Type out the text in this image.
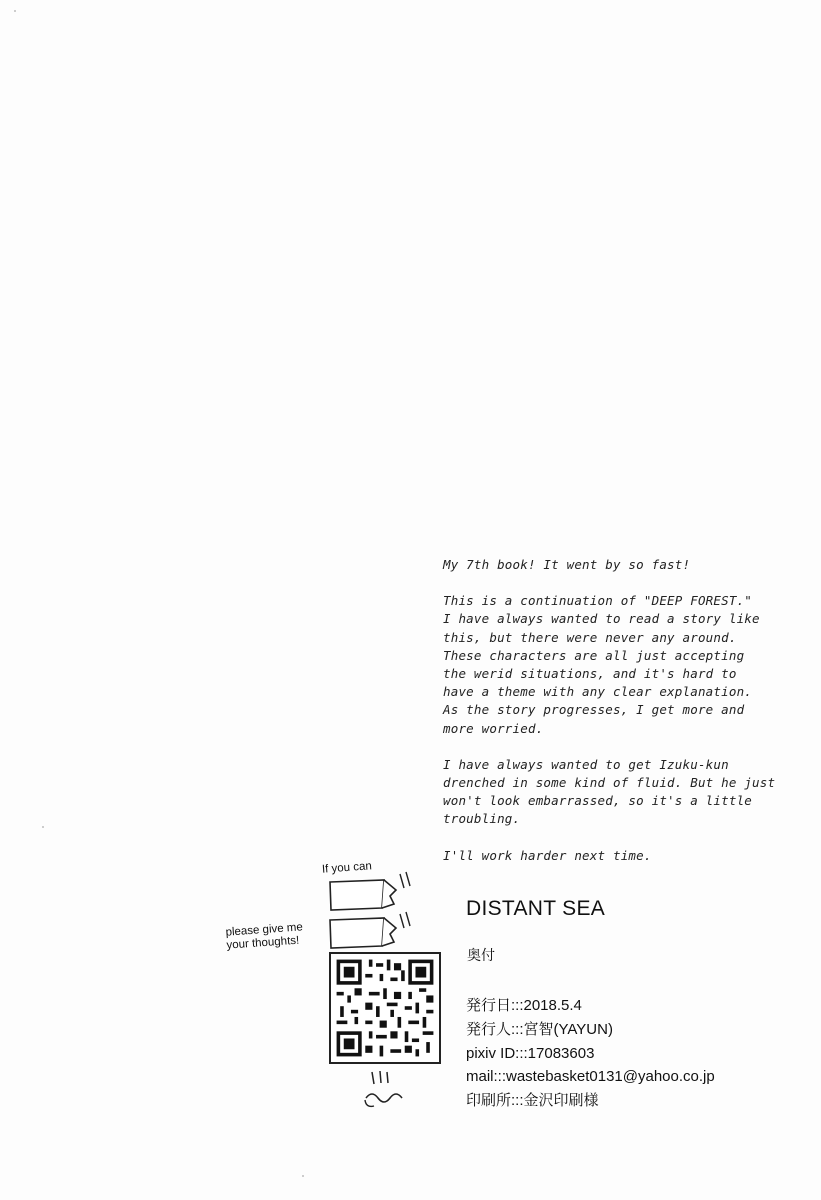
My 7th book! It went by so fast!

This is a continuation of "DEEP FOREST."
I have always wanted to read a story like
this, but there were never any around.
These characters are all just accepting
the werid situations, and it's hard to
have a theme with any clear explanation.
As the story progresses, I get more and
more worried.

I have always wanted to get Izuku-kun
drenched in some kind of fluid. But he just
won't look embarrassed, so it's a little
troubling.

I'll work harder next time.

If you can
please give me
your thoughts!
DISTANT SEA
奥付
発行日:::2018.5.4
発行人:::宮智(YAYUN)
pixiv ID:::17083603
mail:::wastebasket0131@yahoo.co.jp
印刷所:::金沢印刷様
